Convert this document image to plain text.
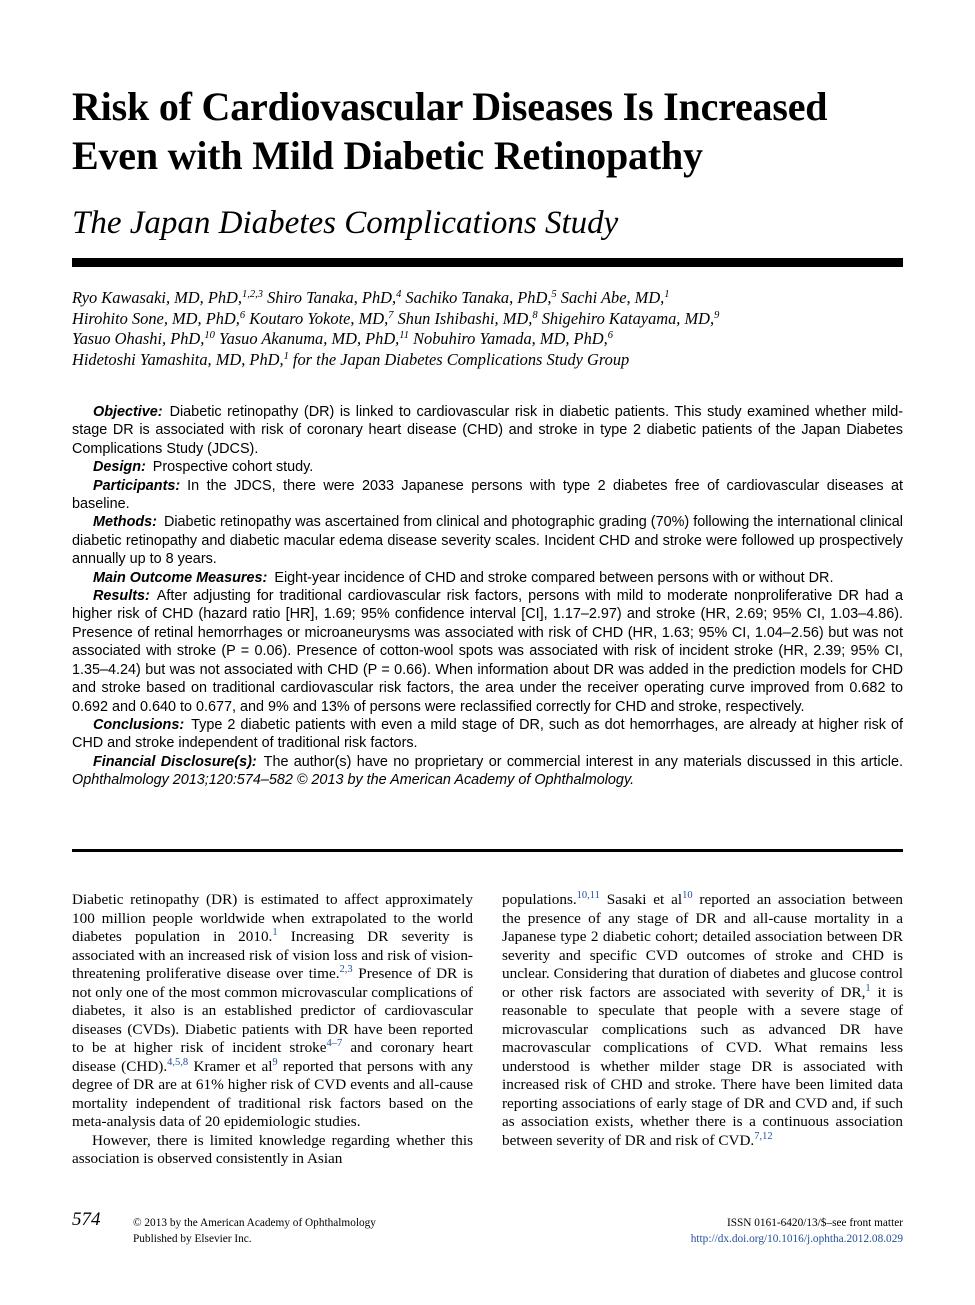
Risk of Cardiovascular Diseases Is Increased Even with Mild Diabetic Retinopathy
The Japan Diabetes Complications Study

Ryo Kawasaki, MD, PhD,$^{1,2,3}$ Shiro Tanaka, PhD,$^4$ Sachiko Tanaka, PhD,$^5$ Sachi Abe, MD,$^1$

Hirohito Sone, MD, PhD,$^6$ Koutaro Yokote, MD,$^7$ Shun Ishibashi, MD,$^8$ Shigehiro Katayama, MD,$^9$

Yasuo Ohashi, PhD,$^{10}$ Yasuo Akanuma, MD, PhD,$^{11}$ Nobuhiro Yamada, MD, PhD,$^6$

Hidetoshi Yamashita, MD, PhD,$^1$ for the Japan Diabetes Complications Study Group

Objective: Diabetic retinopathy (DR) is linked to cardiovascular risk in diabetic patients. This study examined whether mild-stage DR is associated with risk of coronary heart disease (CHD) and stroke in type 2 diabetic patients of the Japan Diabetes Complications Study (JDCS).

Design: Prospective cohort study.

Participants: In the JDCS, there were 2033 Japanese persons with type 2 diabetes free of cardiovascular diseases at baseline.

Methods: Diabetic retinopathy was ascertained from clinical and photographic grading (70%) following the international clinical diabetic retinopathy and diabetic macular edema disease severity scales. Incident CHD and stroke were followed up prospectively annually up to 8 years.

Main Outcome Measures: Eight-year incidence of CHD and stroke compared between persons with or without DR.

Results: After adjusting for traditional cardiovascular risk factors, persons with mild to moderate nonproliferative DR had a higher risk of CHD (hazard ratio [HR], 1.69; 95% confidence interval [CI], 1.17–2.97) and stroke (HR, 2.69; 95% CI, 1.03–4.86). Presence of retinal hemorrhages or microaneurysms was associated with risk of CHD (HR, 1.63; 95% CI, 1.04–2.56) but was not associated with stroke (P = 0.06). Presence of cotton-wool spots was associated with risk of incident stroke (HR, 2.39; 95% CI, 1.35–4.24) but was not associated with CHD (P = 0.66). When information about DR was added in the prediction models for CHD and stroke based on traditional cardiovascular risk factors, the area under the receiver operating curve improved from 0.682 to 0.692 and 0.640 to 0.677, and 9% and 13% of persons were reclassified correctly for CHD and stroke, respectively.

Conclusions: Type 2 diabetic patients with even a mild stage of DR, such as dot hemorrhages, are already at higher risk of CHD and stroke independent of traditional risk factors.

Financial Disclosure(s): The author(s) have no proprietary or commercial interest in any materials discussed in this article. Ophthalmology 2013;120:574–582 © 2013 by the American Academy of Ophthalmology.

Diabetic retinopathy (DR) is estimated to affect approximately 100 million people worldwide when extrapolated to the world diabetes population in 2010.$^1$ Increasing DR severity is associated with an increased risk of vision loss and risk of vision-threatening proliferative disease over time.$^{2,3}$ Presence of DR is not only one of the most common microvascular complications of diabetes, it also is an established predictor of cardiovascular diseases (CVDs). Diabetic patients with DR have been reported to be at higher risk of incident stroke$^{4-7}$ and coronary heart disease (CHD).$^{4,5,8}$ Kramer et al$^9$ reported that persons with any degree of DR are at 61% higher risk of CVD events and all-cause mortality independent of traditional risk factors based on the meta-analysis data of 20 epidemiologic studies.

However, there is limited knowledge regarding whether this association is observed consistently in Asian

populations.$^{10,11}$ Sasaki et al$^{10}$ reported an association between the presence of any stage of DR and all-cause mortality in a Japanese type 2 diabetic cohort; detailed association between DR severity and specific CVD outcomes of stroke and CHD is unclear. Considering that duration of diabetes and glucose control or other risk factors are associated with severity of DR,$^1$ it is reasonable to speculate that people with a severe stage of microvascular complications such as advanced DR have macrovascular complications of CVD. What remains less understood is whether milder stage DR is associated with increased risk of CHD and stroke. There have been limited data reporting associations of early stage of DR and CVD and, if such as association exists, whether there is a continuous association between severity of DR and risk of CVD.$^{7,12}$

574	© 2013 by the American Academy of Ophthalmology
Published by Elsevier Inc.
ISSN 0161-6420/13/$–see front matter
http://dx.doi.org/10.1016/j.ophtha.2012.08.029
